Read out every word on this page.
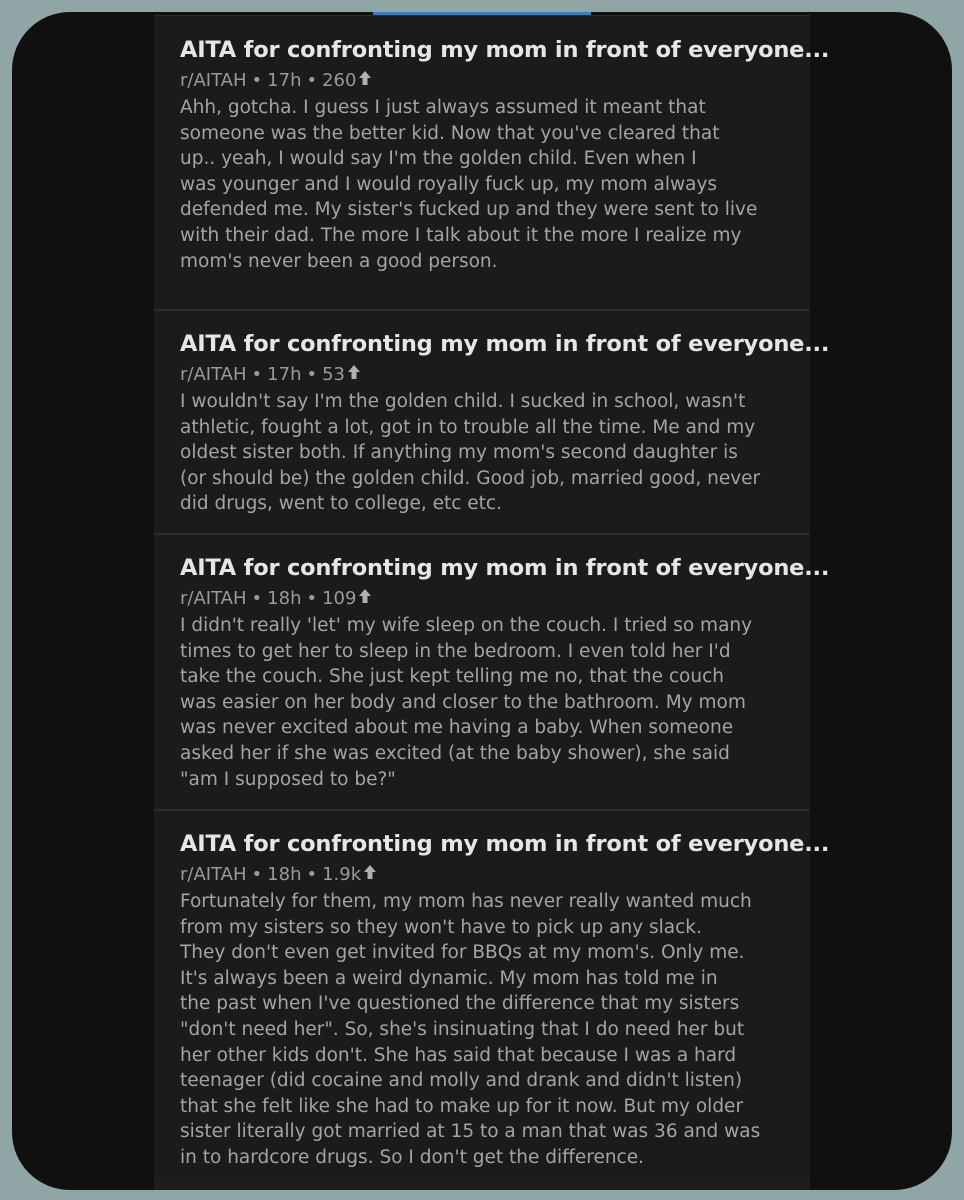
AITA for confronting my mom in front of everyone...
r/AITAH • 17h • 260
Ahh, gotcha. I guess I just always assumed it meant that
someone was the better kid. Now that you've cleared that
up.. yeah, I would say I'm the golden child. Even when I
was younger and I would royally fuck up, my mom always
defended me. My sister's fucked up and they were sent to live
with their dad. The more I talk about it the more I realize my
mom's never been a good person.
AITA for confronting my mom in front of everyone...
r/AITAH • 17h • 53
I wouldn't say I'm the golden child. I sucked in school, wasn't
athletic, fought a lot, got in to trouble all the time. Me and my
oldest sister both. If anything my mom's second daughter is
(or should be) the golden child. Good job, married good, never
did drugs, went to college, etc etc.
AITA for confronting my mom in front of everyone...
r/AITAH • 18h • 109
I didn't really 'let' my wife sleep on the couch. I tried so many
times to get her to sleep in the bedroom. I even told her I'd
take the couch. She just kept telling me no, that the couch
was easier on her body and closer to the bathroom. My mom
was never excited about me having a baby. When someone
asked her if she was excited (at the baby shower), she said
"am I supposed to be?"
AITA for confronting my mom in front of everyone...
r/AITAH • 18h • 1.9k
Fortunately for them, my mom has never really wanted much
from my sisters so they won't have to pick up any slack.
They don't even get invited for BBQs at my mom's. Only me.
It's always been a weird dynamic. My mom has told me in
the past when I've questioned the difference that my sisters
"don't need her". So, she's insinuating that I do need her but
her other kids don't. She has said that because I was a hard
teenager (did cocaine and molly and drank and didn't listen)
that she felt like she had to make up for it now. But my older
sister literally got married at 15 to a man that was 36 and was
in to hardcore drugs. So I don't get the difference.
